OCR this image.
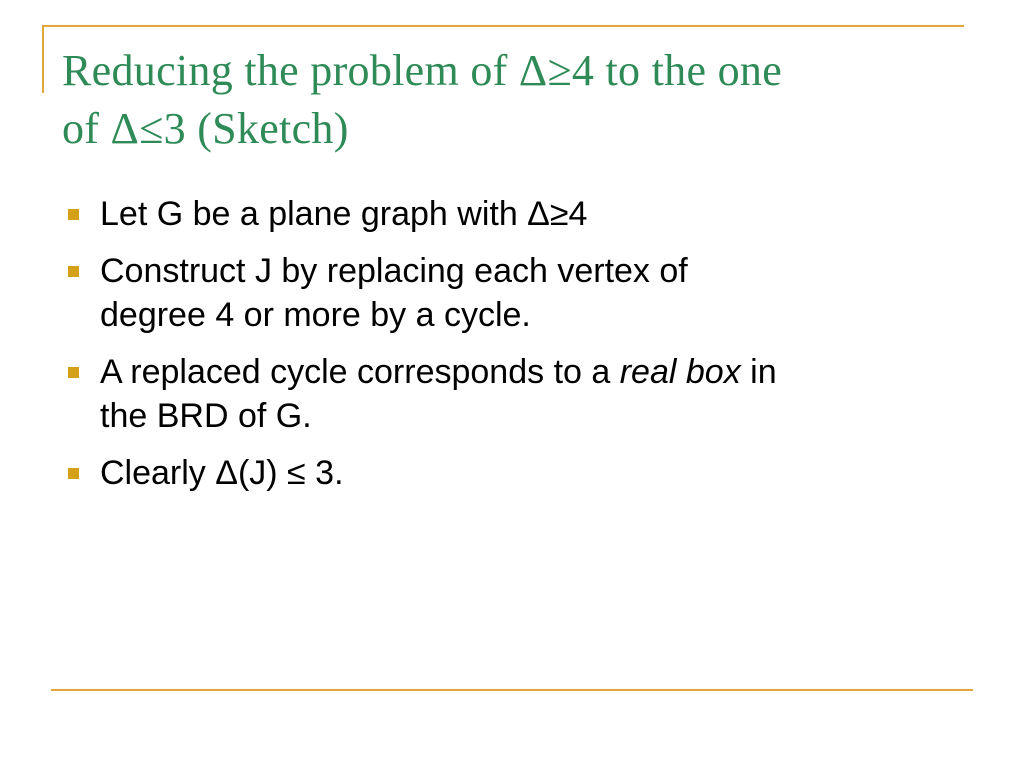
Reducing the problem of Δ≥4 to the one
of Δ≤3 (Sketch)
Let G be a plane graph with Δ≥4
Construct J by replacing each vertex of
degree 4 or more by a cycle.
A replaced cycle corresponds to a real box in
the BRD of G.
Clearly Δ(J) ≤ 3.
